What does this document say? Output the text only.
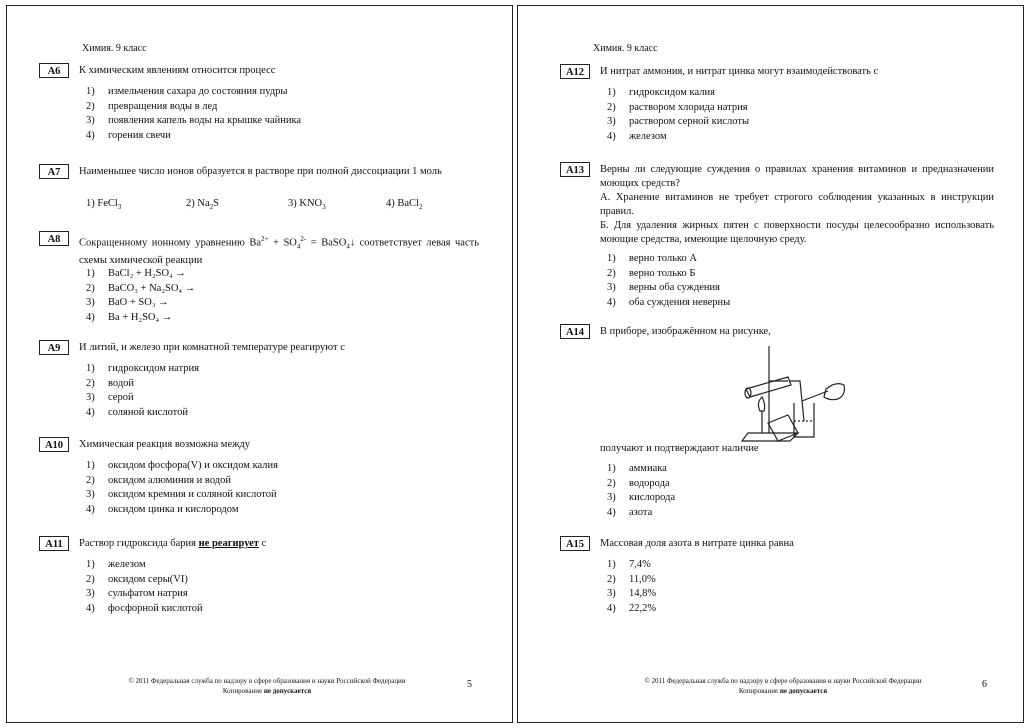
Химия. 9 класс
А6	К химическим явлениям относится процесс
1) измельчения сахара до состояния пудры
2) превращения воды в лед
3) появления капель воды на крышке чайника
4) горения свечи
А7	Наименьшее число ионов образуется в растворе при полной диссоциации 1 моль
1) FeCl$_3$	2) $Na_2S$	3) $KNO_3$	4) BaCl$_2$
А8	Сокращенному ионному уравнению $Ba^{2+} + SO_4^{2-}$ = BaSO$_4$↓ соответствует левая часть схемы химической реакции
1) BaCl₂ + H₂SO₄ →
2) BaCO₃ + Na₂SO₄ →
3) BaO + SO₃ →
4) Ba + H₂SO₄ →
А9	И литий, и железо при комнатной температуре реагируют с
1) гидроксидом натрия
2) водой
3) серой
4) соляной кислотой
А10	Химическая реакция возможна между
1) оксидом фосфора(V) и оксидом калия
2) оксидом алюминия и водой
3) оксидом кремния и соляной кислотой
4) оксидом цинка и кислородом
А11	Раствор гидроксида бария не реагирует с
1) железом
2) оксидом серы(VI)
3) сульфатом натрия
4) фосфорной кислотой
© 2011 Федеральная служба по надзору в сфере образования и науки Российской Федерации
Копирование не допускается
5
Химия. 9 класс
А12	И нитрат аммония, и нитрат цинка могут взаимодействовать с
1) гидроксидом калия
2) раствором хлорида натрия
3) раствором серной кислоты
4) железом
А13	Верны ли следующие суждения о правилах хранения витаминов и предназначении моющих средств?
А. Хранение витаминов не требует строгого соблюдения указанных в инструкции правил.
Б. Для удаления жирных пятен с поверхности посуды целесообразно использовать моющие средства, имеющие щелочную среду.
1) верно только А
2) верно только Б
3) верны оба суждения
4) оба суждения неверны
А14	В приборе, изображённом на рисунке,
получают и подтверждают наличие
1) аммиака
2) водорода
3) кислорода
4) азота
А15	Массовая доля азота в нитрате цинка равна
1) 7,4%
2) 11,0%
3) 14,8%
4) 22,2%
© 2011 Федеральная служба по надзору в сфере образования и науки Российской Федерации
Копирование не допускается
6
